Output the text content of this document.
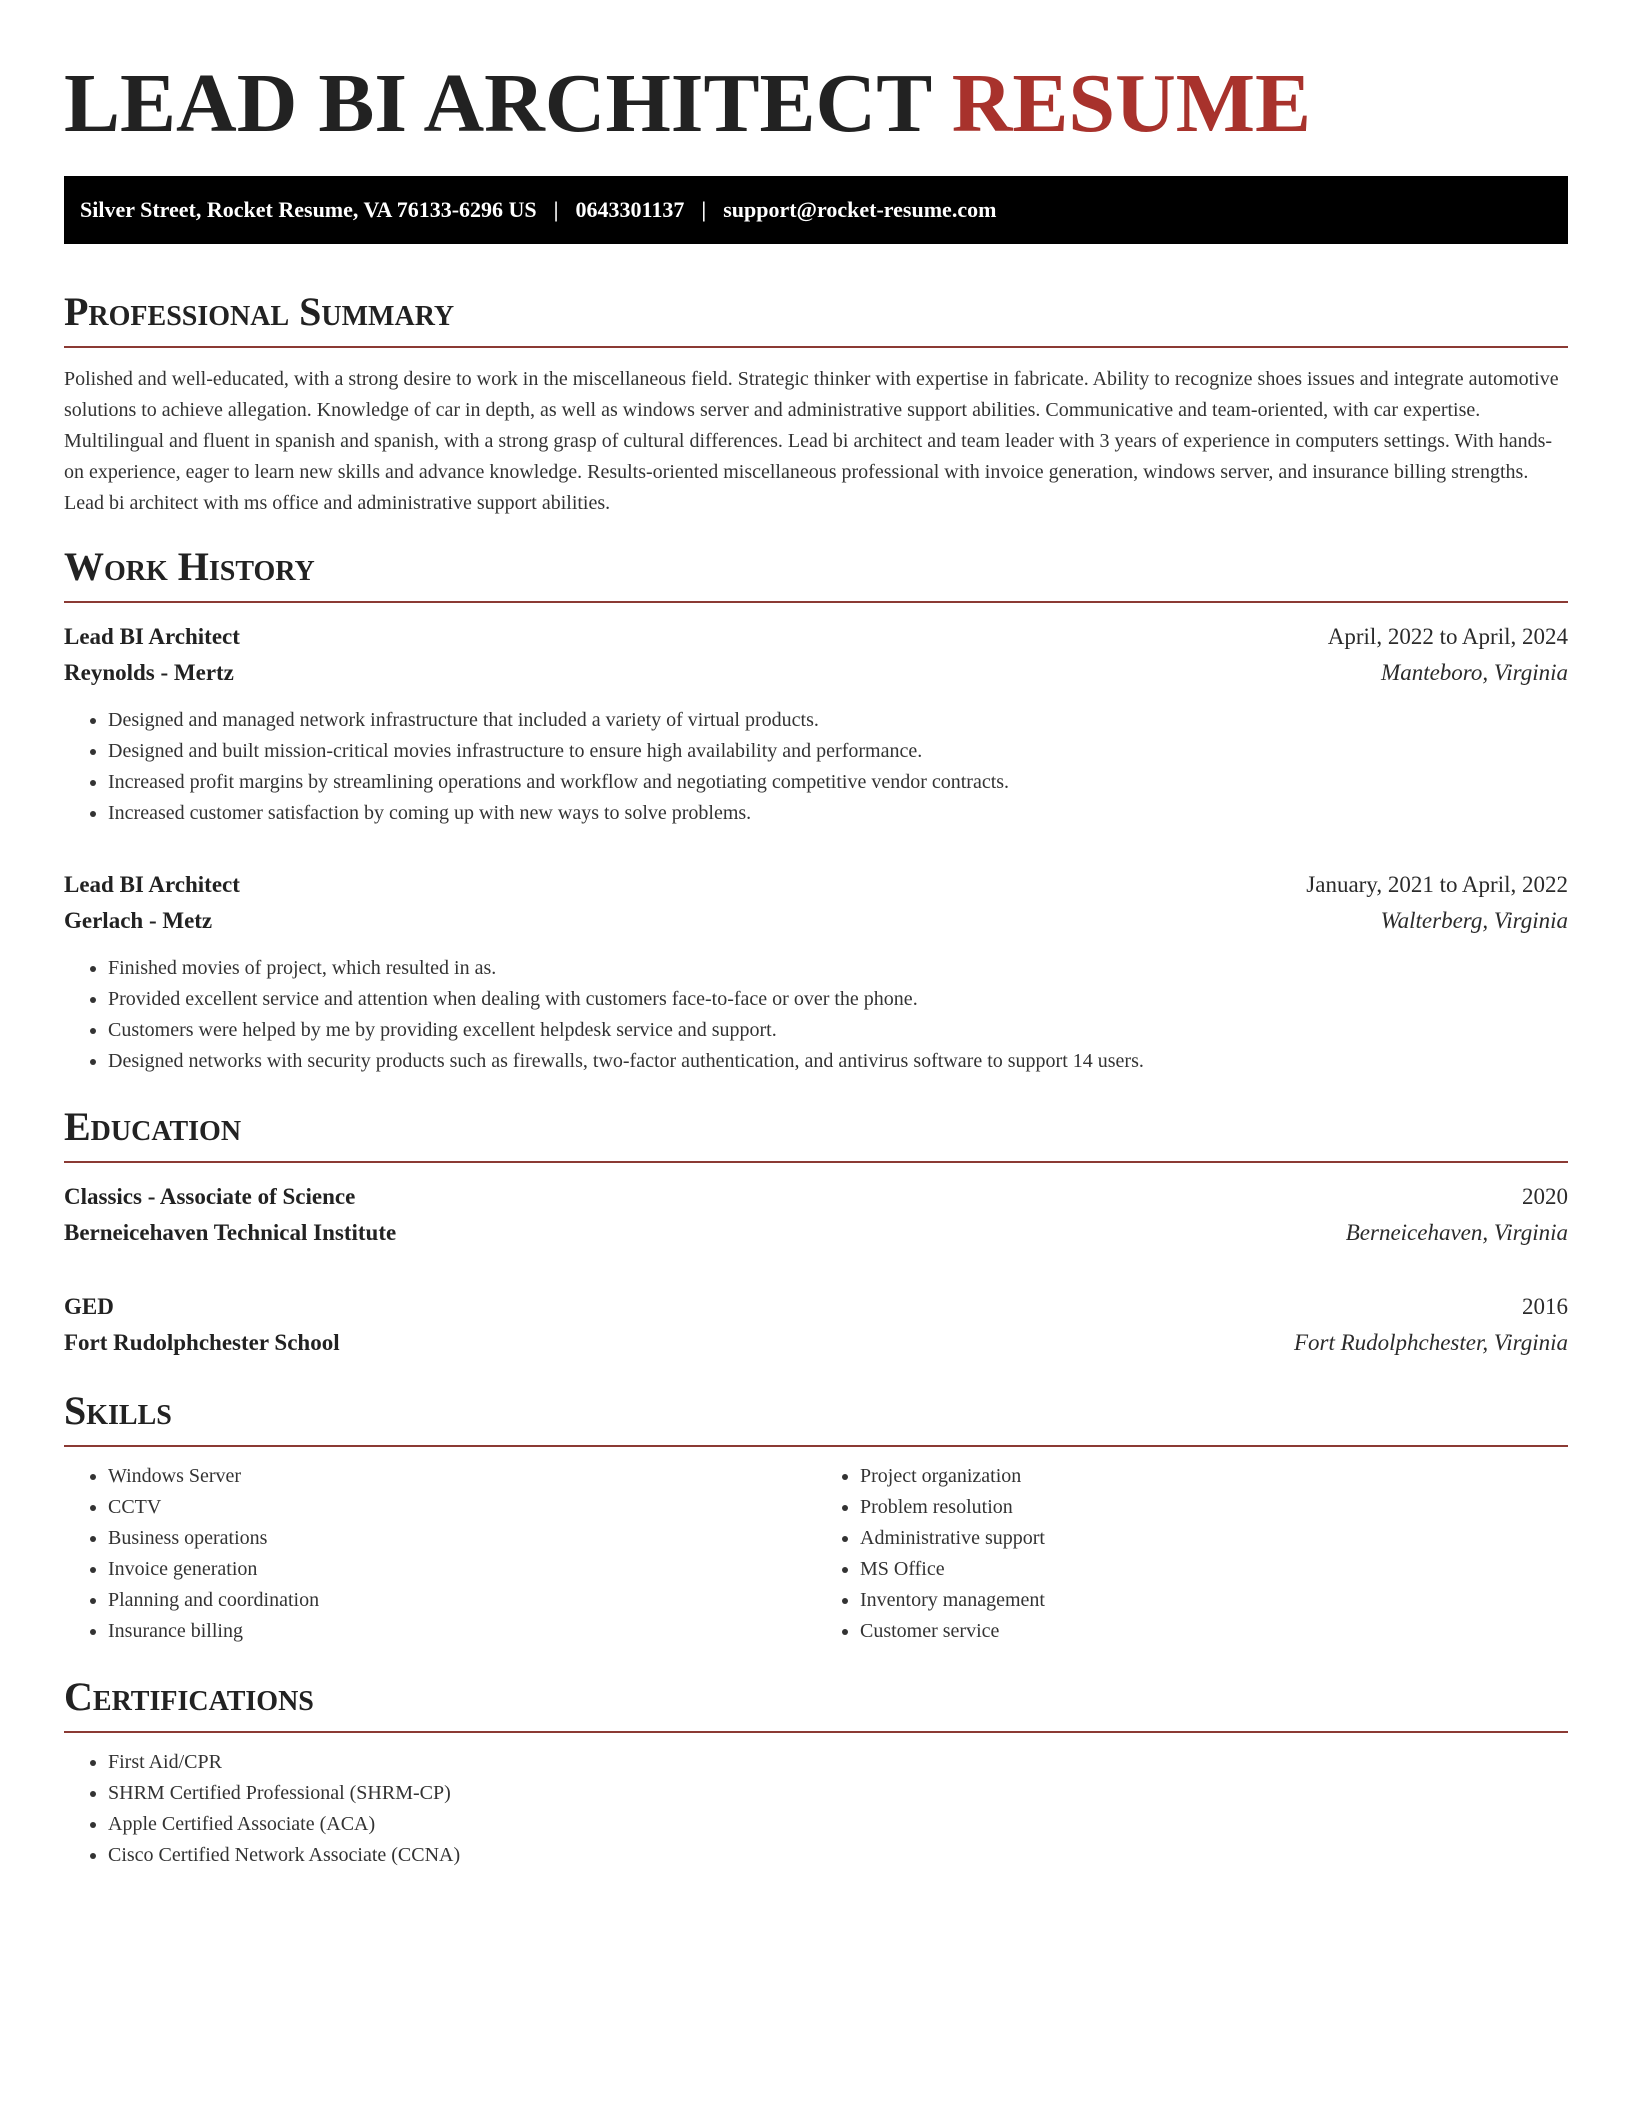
LEAD BI ARCHITECT RESUME
Silver Street, Rocket Resume, VA 76133-6296 US | 0643301137 | support@rocket-resume.com
Professional Summary

Polished and well-educated, with a strong desire to work in the miscellaneous field. Strategic thinker with expertise in fabricate. Ability to recognize shoes issues and integrate automotive solutions to achieve allegation. Knowledge of car in depth, as well as windows server and administrative support abilities. Communicative and team-oriented, with car expertise. Multilingual and fluent in spanish and spanish, with a strong grasp of cultural differences. Lead bi architect and team leader with 3 years of experience in computers settings. With hands-on experience, eager to learn new skills and advance knowledge. Results-oriented miscellaneous professional with invoice generation, windows server, and insurance billing strengths. Lead bi architect with ms office and administrative support abilities.

Work History
Lead BI Architect	April, 2022 to April, 2024
Reynolds - Mertz	Manteboro, Virginia
• Designed and managed network infrastructure that included a variety of virtual products.
• Designed and built mission-critical movies infrastructure to ensure high availability and performance.
• Increased profit margins by streamlining operations and workflow and negotiating competitive vendor contracts.
• Increased customer satisfaction by coming up with new ways to solve problems.
Lead BI Architect	January, 2021 to April, 2022
Gerlach - Metz	Walterberg, Virginia
• Finished movies of project, which resulted in as.
• Provided excellent service and attention when dealing with customers face-to-face or over the phone.
• Customers were helped by me by providing excellent helpdesk service and support.
• Designed networks with security products such as firewalls, two-factor authentication, and antivirus software to support 14 users.
Education
Classics - Associate of Science	2020
Berneicehaven Technical Institute	Berneicehaven, Virginia
GED	2016
Fort Rudolphchester School	Fort Rudolphchester, Virginia
Skills
• Windows Server
• CCTV
• Business operations
• Invoice generation
• Planning and coordination
• Insurance billing
• Project organization
• Problem resolution
• Administrative support
• MS Office
• Inventory management
• Customer service
Certifications
• First Aid/CPR
• SHRM Certified Professional (SHRM-CP)
• Apple Certified Associate (ACA)
• Cisco Certified Network Associate (CCNA)
